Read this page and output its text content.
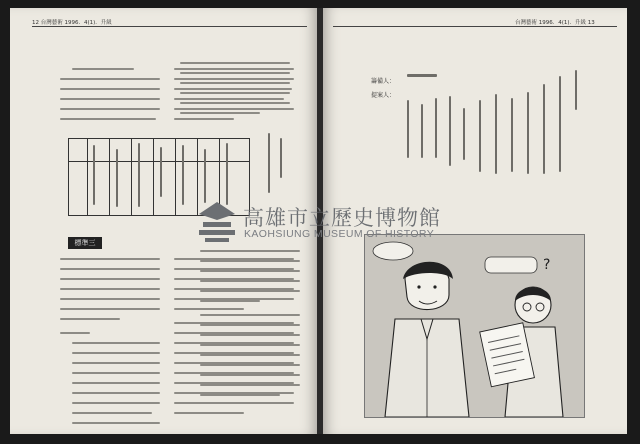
12 台灣藝術 1996．4(1)．升級
標準三
台灣藝術 1996．4(1)．升級 13
籌備人：
提案人：
?
高雄市立歷史博物館
KAOHSIUNG MUSEUM OF HISTORY
